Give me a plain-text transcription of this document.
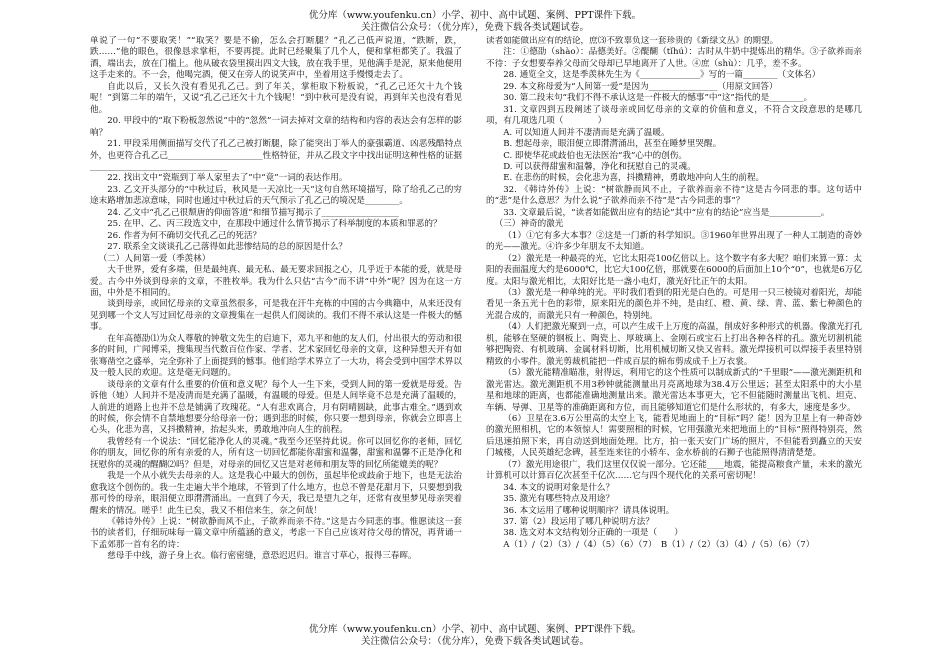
优分库（www.youfenku.cn）小学、初中、高中试题、案例、PPT课件下载。
关注微信公众号：（优分库），免费下载各类试题试卷。

单说了一句“不要取笑！”“取笑？要是不偷，怎么会打断腿？”孔乙己低声说道，“跌断，跌，跌……”他的眼色，很像恳求掌柜，不要再提。此时已经聚集了几个人，便和掌柜都笑了。我温了酒，端出去，放在门槛上。他从破衣袋里摸出四文大钱，放在我手里，见他满手是泥，原来他便用这手走来的。不一会，他喝完酒，便又在旁人的说笑声中，坐着用这手慢慢走去了。

自此以后，又长久没有看见孔乙己。到了年关，掌柜取下粉板说，“孔乙己还欠十九个钱呢！”到第二年的端午，又说“孔乙己还欠十九个钱呢！”到中秋可是没有说，再到年关也没有看见他。

20. 甲段中的“取下粉板忽然说”中的“忽然”一词去掉对文章的结构和内容的表达会有怎样的影响？

21. 甲段采用侧面描写交代了孔乙己被打断腿，除了能突出丁举人的豪强霸道、凶恶残酷特点外，也更符合孔乙己______________________性格特征，并从乙段文字中找出证明这种性格的证据________________________________

22. 找出文中“瓷瓶到丁举人家里去了”中“竟”一词的表达作用。

23. 乙文开头部分的“中秋过后，秋风是一天凉比一天”这句自然环境描写，除了给孔乙己的穷途末路增加悲凉意味，同时也通过中秋过后的天气预示了孔乙己的境况是________。

24. 乙文中“孔乙己很颓唐的仰面答道”和细节描写揭示了__________________

25. 在甲、乙、丙三段选文中，在那段中通过什么情节揭示了科举制度的本质和罪恶的？

26. 作者为何不确切交代孔乙己的死活？

27. 联系全文谈谈孔乙己落得如此悲惨结局的总的原因是什么？

（二）人间第一爱（季羡林）

大千世界，爱有多端，但是最纯真、最无私、最无要求回报之心，几乎近于本能的爱，就是母爱。古今中外谈到母亲的文章，不胜枚举。我为什么只估“古今”而不讲“中外”呢？因为在这一方面，中外是不相同的。

谈到母亲，或回忆母亲的文章虽然很多，可是我在汗牛充栋的中国的古今典籍中，从来还没有见到哪一个文人写过回忆母亲的文章搜集在一起供人们阅读的。我们不得不承认这是一件极大的憾事。

在年高德劭⑴为众人尊敬的钟敬文先生的启迪下，邓九平和他的友人们，付出很大的劳动和很多的时间，广闻博采，搜集现当代数百位作家、学者、艺术家回忆母亲的文章，这种异想天开有如张骞凿空之盛举，完全弥补了上面提到的憾事。他们给学术界立了一大功，将会受到中国学术界以及一般人民的欢迎。这是毫无问题的。

谈母亲的文章有什么重要的价值和意义呢？每个人一生下来，受到人间的第一爱就是母爱。告诉他（她）人间并不是凌清而是充满了温暖，有温暖的母爱。但是人间毕竟不总是充满了温暖的，人前进的道路上也并不总是铺满了玫瑰花。“人有悲欢离合，月有阴晴圆缺，此事古难全。”遇到欢的时候，你会情不自禁地想要分给母亲一份；遇到悲的时候，你只要一想到母亲，你就会立即喜上心头，化悲为喜，又抖擞精神，抬起头来，勇敢地冲向人生的前程。

我曾经有一个说法：“回忆能净化人的灵魂。”我至今还坚持此说。你可以回忆你的老师，回忆你的朋友，回忆你的所有亲爱的人，所有这一切回忆都能你甜蜜和温馨，甜蜜和温馨不正是净化和抚慰你的灵魂的醒醐⑵吗？但是，对母亲的回忆又岂是对老师和朋友等的回忆所能媲美的呢？

我是一个从小就失去母亲的人。这是我心中最大的创伤，虽起毕伦或歧俞于地下，也是无法治愈我这个创伤的。我一生走遍大半个地球，不管到了什么地方，也总不曾是花甜月下，只要想到我那可怜的母亲，眼泪便立即潸潸涌出。一直到了今天，我已是望九之年，还常有夜里梦见母亲哭着醒来的情况。嗟乎！此生已矣，我又不相信来生，奈之何哉！

《韩诗外传》上说：“树欲静而风不止，子欲养而亲不待。”这是古今同悲的事。惟愿读这一套书的读者们，仔细玩味每一篇文章中所蕴涵的意义，考虑一下自己应该对待父母的情况，再背诵一下孟郊那一首有名的诗：

慈母手中线，游子身上衣。临行密密缝，意恐迟迟归。谁言寸草心，报得三春晖。

读者如能做出应有的结论，庶⑶不致辜负这一套珍贵的《新绿文丛》的期望。

注：①德劭（shào）：品德美好。②醍醐（tǐhú）：古时从牛奶中提炼出的精华。③子欲养而亲不待：子女想要奉养父母而父母却已早地离开了人世。④庶（shù）：几乎，差不多。

28. 通览全文，这是季羡林先生为《______________》写的一篇________（文体名）

29. 本文称母爱为“人间第一爱”是因为________________（用原文回答）

30. 第二段末句“我们不得不承认这是一件极大的憾事”中“这”指代的是________。

31. 文章四到五段阐述了谈母亲或回忆母亲的文章的价值和意义，不符合文段意思的是哪几项，有几项选几项（　　　　）

A. 可以知道人间并不凄清而是充满了温暖。

B. 想起母亲，眼泪便立即潸潸涌出，甚至在睡梦里哭醒。

C. 即使华花或歧伯也无法医治“我”心中的创伤。

D. 可以获得甜蜜和温馨，净化和抚慰自己的灵魂。

E. 在悲伤的时候，会化悲为喜，抖擞精神，勇敢地冲向人生的前程。

32. 《韩诗外传》上说：“树欲静而风不止，子欲养而亲不待”这是古今同悲的事。这句话中的“悲”是什么意思？为什么说“子欲养而亲不待”是“古今同悲的事”？

33. 文章最后说，“读者如能做出应有的结论”其中“应有的结论”应当是____________。

（三）神奇的激光

（1）①它有多大本事？②这是一门新的科学知识。③1960年世界出现了一种人工制造的奇妙的光——激光。④许多少年朋友不太知道。

（2）激光是一种最亮的光，它比太阳亮100亿倍以上。这个数字有多大呢？咱们来算一算：太阳的表面温度大约是6000℃，比它大100亿倍，那就要在6000的后面加上10个“0”，也就是6万亿度。太阳与激光相比，太阳好比是一盏小电灯，激光好比正午的太阳。

（3）激光是一种单纯的光。平时我们看到的阳光是白色的。可是用一只三棱镜对着阳光，却能看见一条五光十色的彩带，原来阳光的颜色并不纯，是由红、橙、黄、绿、青、蓝、紫七种颜色的光混合成的，而激光只有一种颜色，特别纯。

（4）人们把激光聚到一点，可以产生成千上万度的高温，削成好多种形式的机器。像激光打孔机，能够在坚硬的钢板上、陶瓷上、厚玻璃上、金刚石或宝石上打出各种各样的孔。激光切割机能够把陶瓷、有机玻璃、金属材料切断，比用机械切断又快又省料。激光焊接机可以焊接手表里特别精致的小零件。激光剪裁机能把一件成百层的棉布剪成成千上万衣裳。

（5）激光能精准瞄准，射得远，利用它的这个性质可以制成新式的“千里眼”——激光测距机和激光雷达。激光测距机不用3秒钟就能测量出月亮离地球为38.4万公里远；甚至太阳系中的大小星星和地球的距离，也都能准确地测量出来。激光雷达本事更大，它不但能随时测量出飞机、坦克、车辆、导弹、卫星等的准确距离和方位，而且能够知道它们是什么形状的，有多大，速度是多少。

（6）卫星在3.6万公里高的太空上飞，能看见地面上的“目标”吗？能！因为卫星上有一种奇妙的激光照相机，它的本领惊人！需要照相的时候，它用强激光来把地面上的“目标”照得特别亮，然后迅速拍照下来，再自动送到地面处理。比方，拍一张天安门广场的照片，不但能看到矗立的天安门城楼，人民英雄纪念碑，甚至连来往的小轿车、金水桥前的石狮子也能照得清清楚楚。

（7）激光用途很广，我们这里仅仅说一部分。它还能____地震，能提高粮食产量，未来的激光计算机可以计算百亿次甚至千亿次……它与四个现代化的关系可密切呢！

34. 本文的说明对象是什么？

35. 激光有哪些特点及用途？

36. 本文运用了哪种说明顺序？请具体说明。

37. 第（2）段运用了哪几种说明方法？

38. 选文对本文结构划分正确的一项是（　　）

A（1）/（2）（3）/（4）（5）（6）（7）　B（1）/（2）（3）（4）/（5）（6）（7）

优分库（www.youfenku.cn）小学、初中、高中试题、案例、PPT课件下载。
关注微信公众号：（优分库），免费下载各类试题试卷。
